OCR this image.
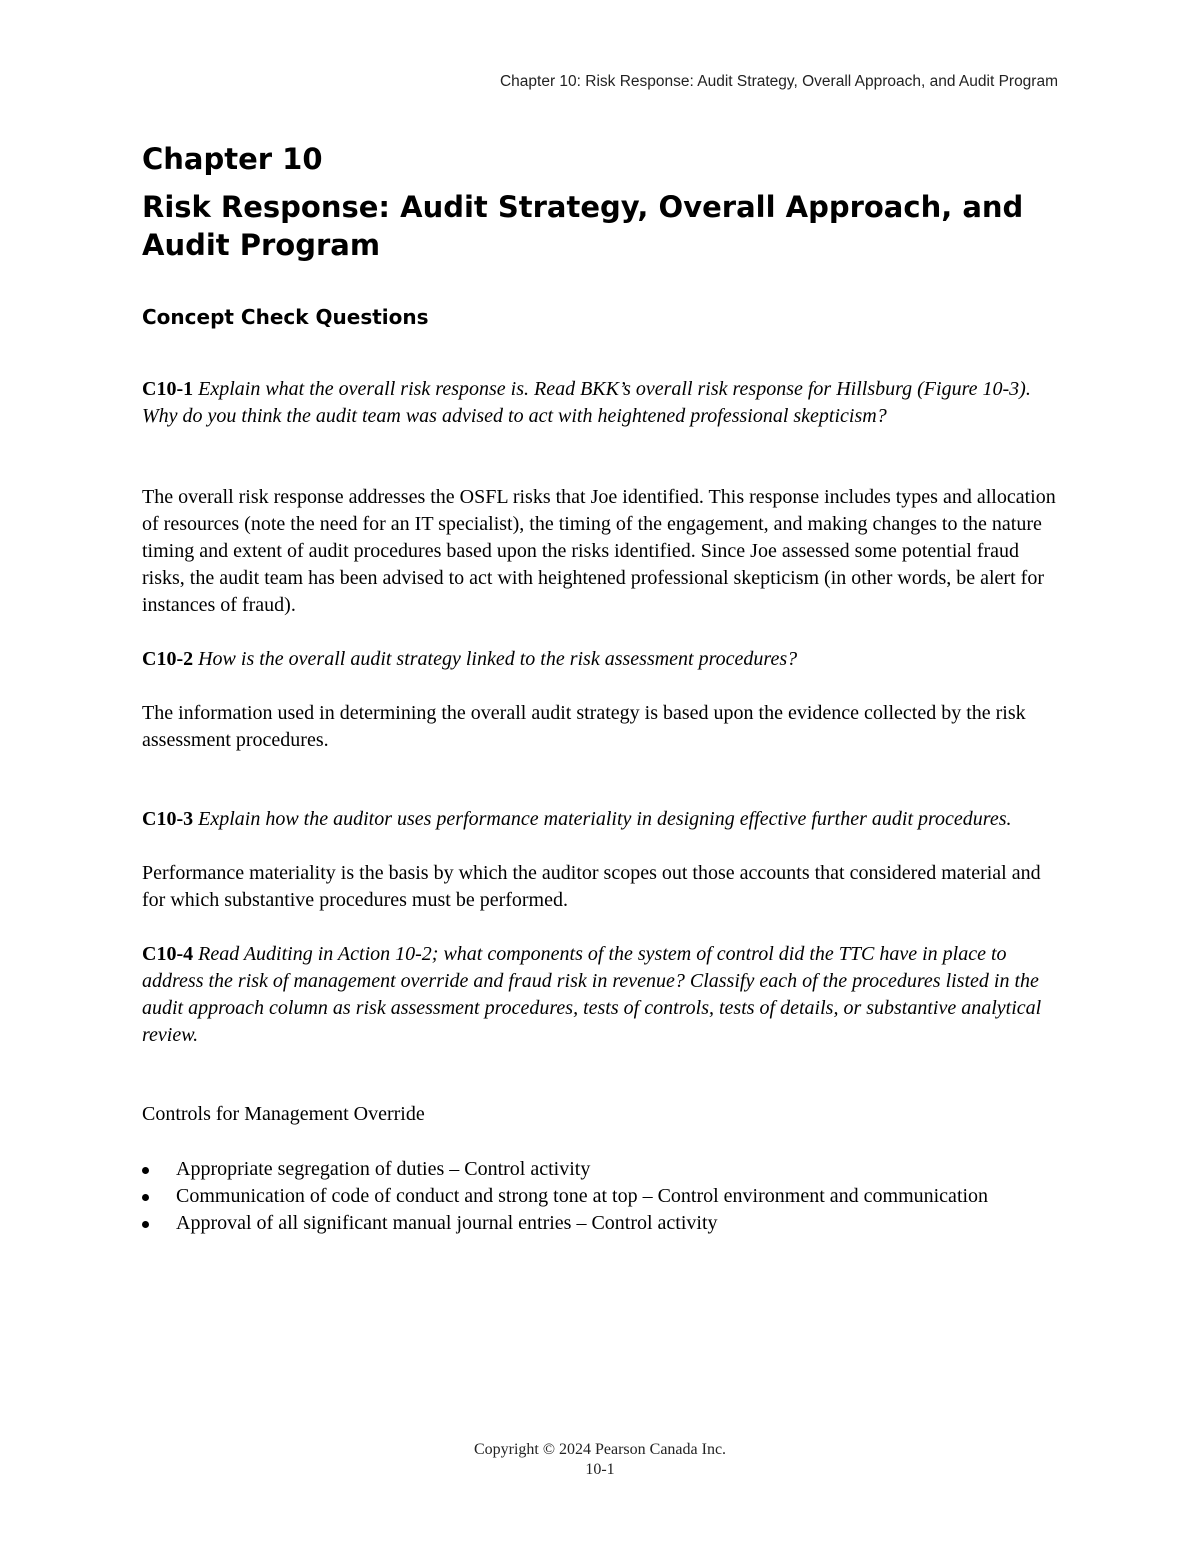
Chapter 10: Risk Response: Audit Strategy, Overall Approach, and Audit Program
Chapter 10
Risk Response: Audit Strategy, Overall Approach, and Audit Program
Concept Check Questions

C10-1 Explain what the overall risk response is. Read BKK’s overall risk response for Hillsburg (Figure 10-3). Why do you think the audit team was advised to act with heightened professional skepticism?

The overall risk response addresses the OSFL risks that Joe identified. This response includes types and allocation of resources (note the need for an IT specialist), the timing of the engagement, and making changes to the nature timing and extent of audit procedures based upon the risks identified. Since Joe assessed some potential fraud risks, the audit team has been advised to act with heightened professional skepticism (in other words, be alert for instances of fraud).

C10-2 How is the overall audit strategy linked to the risk assessment procedures?

The information used in determining the overall audit strategy is based upon the evidence collected by the risk assessment procedures.

C10-3 Explain how the auditor uses performance materiality in designing effective further audit procedures.

Performance materiality is the basis by which the auditor scopes out those accounts that considered material and for which substantive procedures must be performed.

C10-4 Read Auditing in Action 10-2; what components of the system of control did the TTC have in place to address the risk of management override and fraud risk in revenue? Classify each of the procedures listed in the audit approach column as risk assessment procedures, tests of controls, tests of details, or substantive analytical review.

Controls for Management Override

Appropriate segregation of duties – Control activity
Communication of code of conduct and strong tone at top – Control environment and communication
Approval of all significant manual journal entries – Control activity
Copyright © 2024 Pearson Canada Inc.
10-1
